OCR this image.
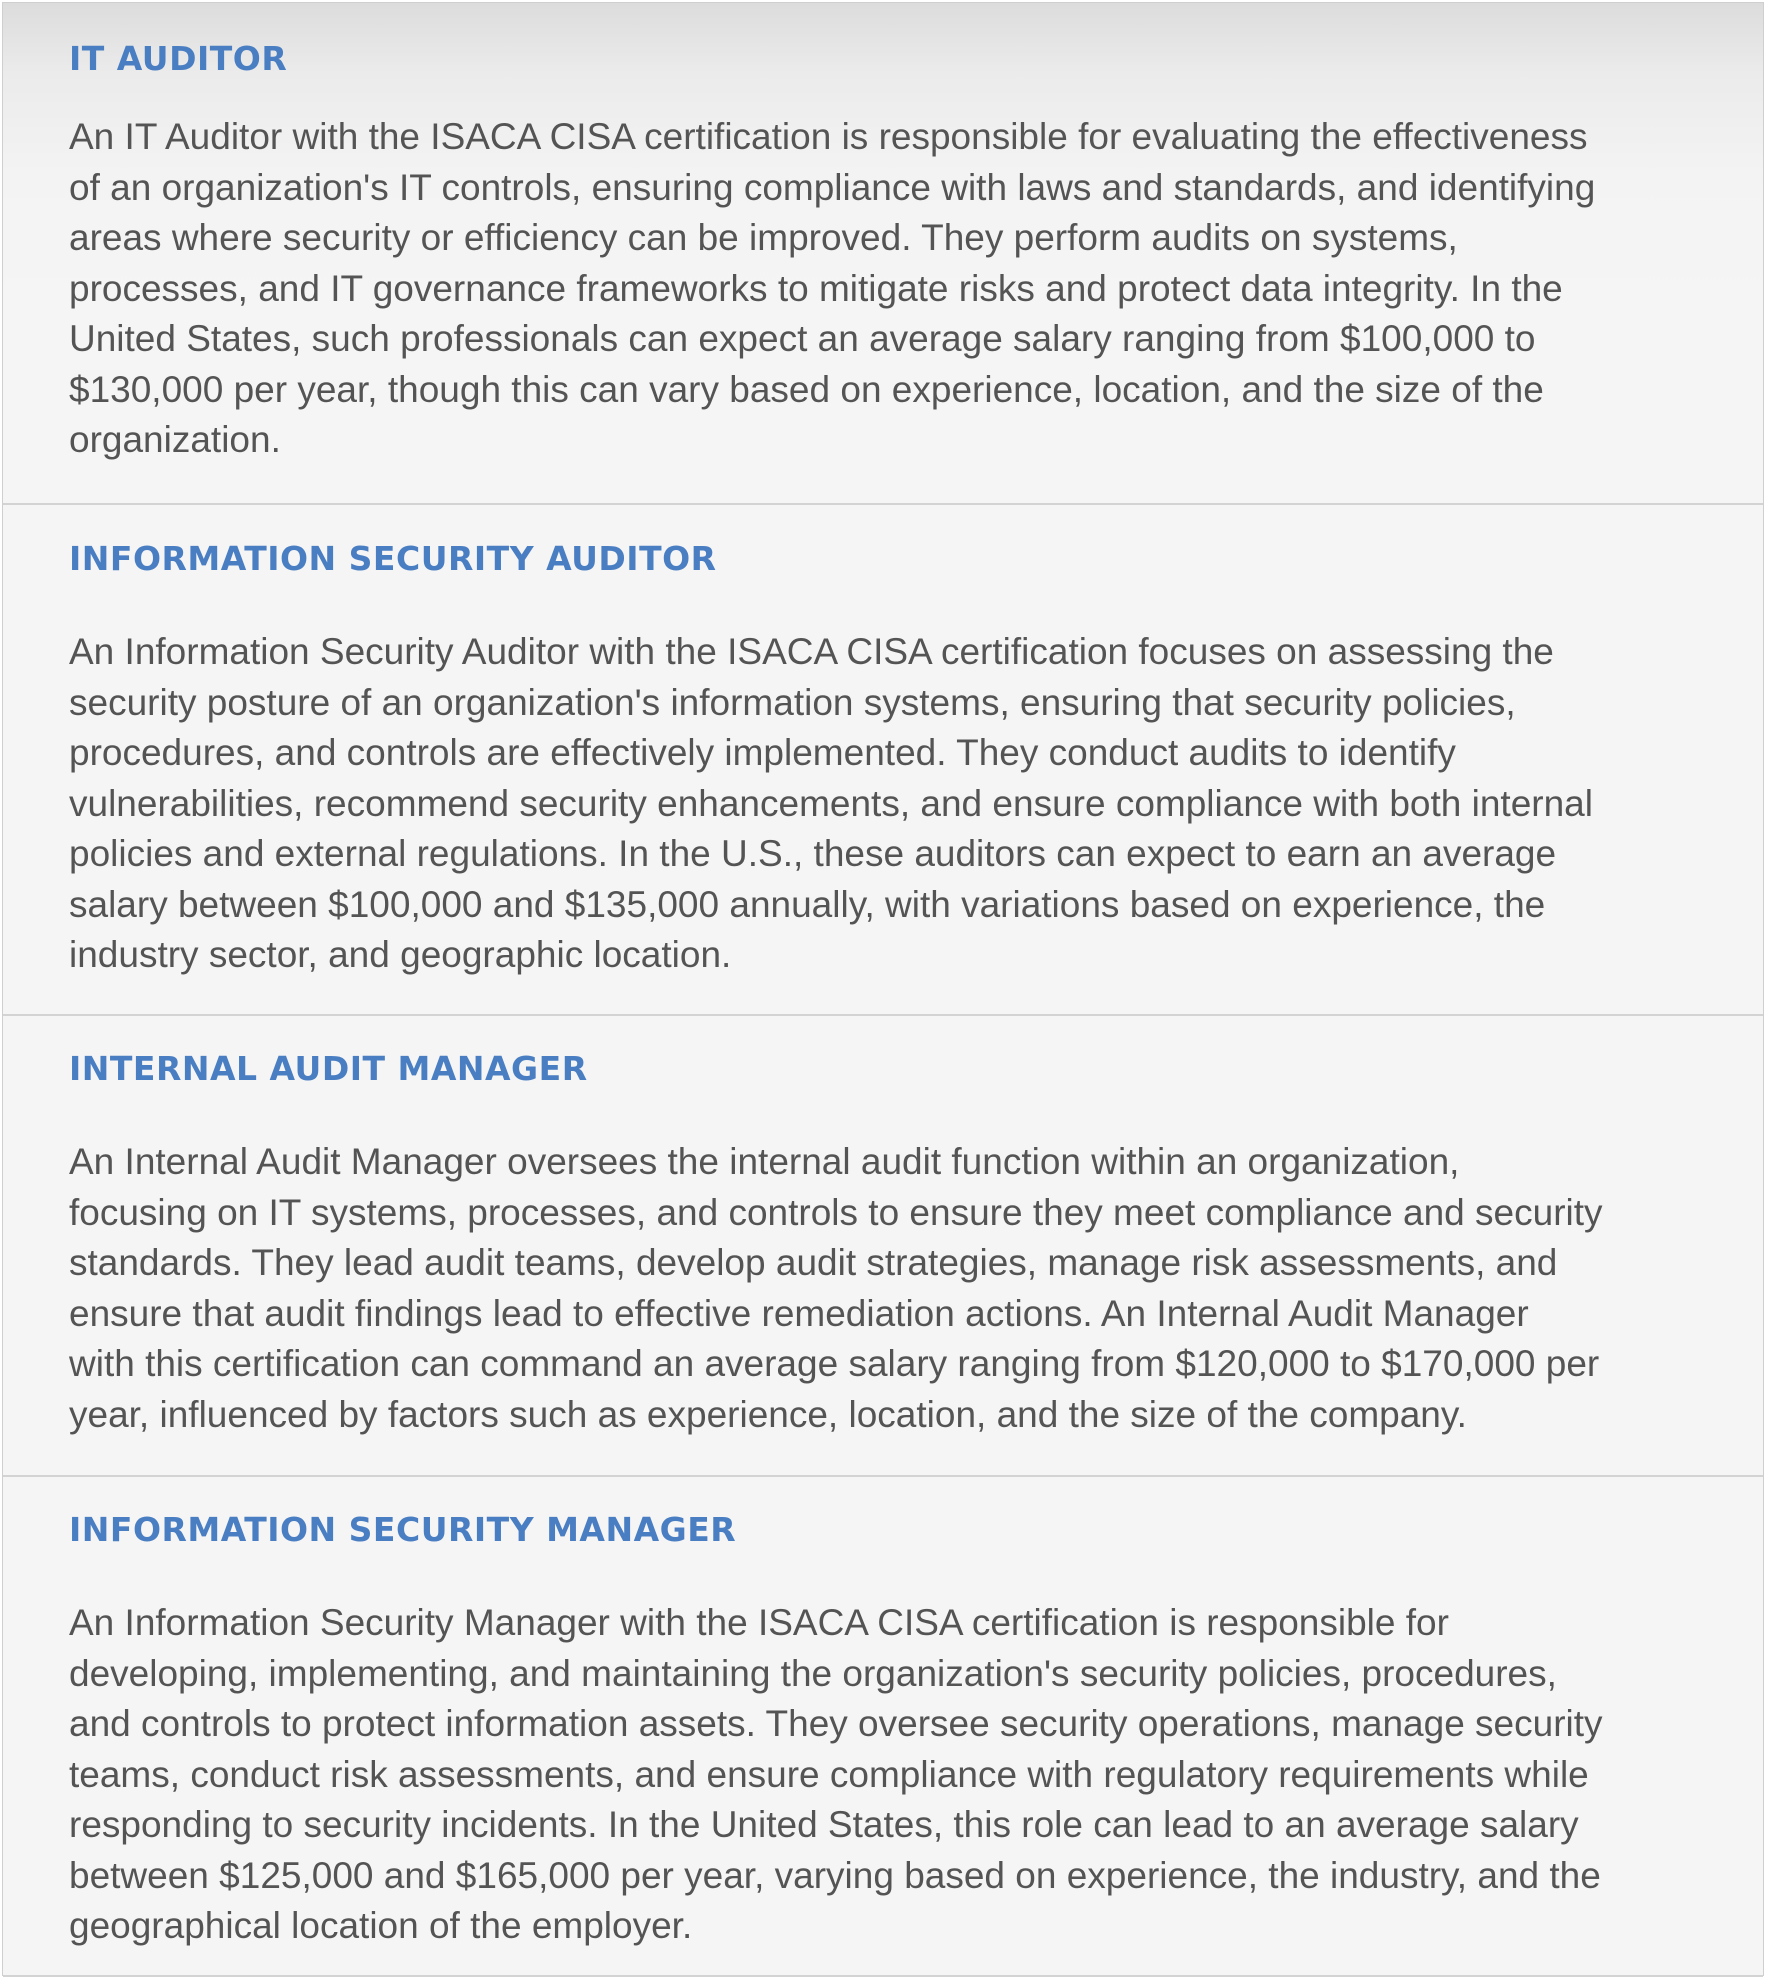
IT AUDITOR

An IT Auditor with the ISACA CISA certification is responsible for evaluating the effectiveness
of an organization's IT controls, ensuring compliance with laws and standards, and identifying
areas where security or efficiency can be improved. They perform audits on systems,
processes, and IT governance frameworks to mitigate risks and protect data integrity. In the
United States, such professionals can expect an average salary ranging from $100,000 to
$130,000 per year, though this can vary based on experience, location, and the size of the
organization.

INFORMATION SECURITY AUDITOR

An Information Security Auditor with the ISACA CISA certification focuses on assessing the
security posture of an organization's information systems, ensuring that security policies,
procedures, and controls are effectively implemented. They conduct audits to identify
vulnerabilities, recommend security enhancements, and ensure compliance with both internal
policies and external regulations. In the U.S., these auditors can expect to earn an average
salary between $100,000 and $135,000 annually, with variations based on experience, the
industry sector, and geographic location.

INTERNAL AUDIT MANAGER

An Internal Audit Manager oversees the internal audit function within an organization,
focusing on IT systems, processes, and controls to ensure they meet compliance and security
standards. They lead audit teams, develop audit strategies, manage risk assessments, and
ensure that audit findings lead to effective remediation actions. An Internal Audit Manager
with this certification can command an average salary ranging from $120,000 to $170,000 per
year, influenced by factors such as experience, location, and the size of the company.

INFORMATION SECURITY MANAGER

An Information Security Manager with the ISACA CISA certification is responsible for
developing, implementing, and maintaining the organization's security policies, procedures,
and controls to protect information assets. They oversee security operations, manage security
teams, conduct risk assessments, and ensure compliance with regulatory requirements while
responding to security incidents. In the United States, this role can lead to an average salary
between $125,000 and $165,000 per year, varying based on experience, the industry, and the
geographical location of the employer.
